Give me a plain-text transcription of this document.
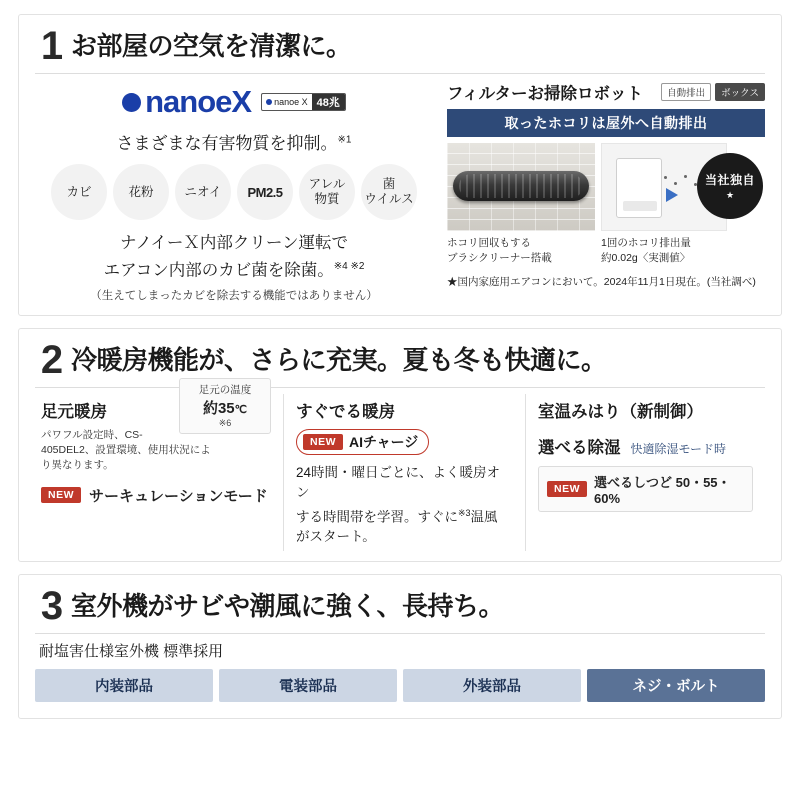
1 お部屋の空気を清潔に。
nanoeX	nanoe X 48兆
さまざまな有害物質を抑制。$^{※1}$
カビ	花粉	ニオイ	PM2.5
アレル
物質
菌
ウイルス
ナノイーＸ内部クリーン運転で
エアコン内部のカビ菌を除菌。$^{※4 ※2}$
（生えてしまったカビを除去する機能ではありません）
フィルターお掃除ロボット	自動排出	ボックス
取ったホコリは屋外へ自動排出
当社独自
★
ホコリ回収もする
ブラシクリーナー搭載
1回のホコリ排出量
約0.02g〈実測値〉
★国内家庭用エアコンにおいて。2024年11月1日現在。(当社調べ)
2 冷暖房機能が、さらに充実。夏も冬も快適に。
足元の温度
約35℃
※6
足元暖房
パワフル設定時、CS-405DEL2、設置環境、使用状況により異なります。
NEW	サーキュレーションモード
すぐでる暖房
NEW AIチャージ
24時間・曜日ごとに、よく暖房オン
する時間帯を学習。すぐに$^{※3}$温風
がスタート。
室温みはり（新制御）
選べる除湿 快適除湿モード時
NEW	選べるしつど 50・55・60%
3 室外機がサビや潮風に強く、長持ち。
耐塩害仕様室外機 標準採用
内装部品	電装部品	外装部品	ネジ・ボルト
